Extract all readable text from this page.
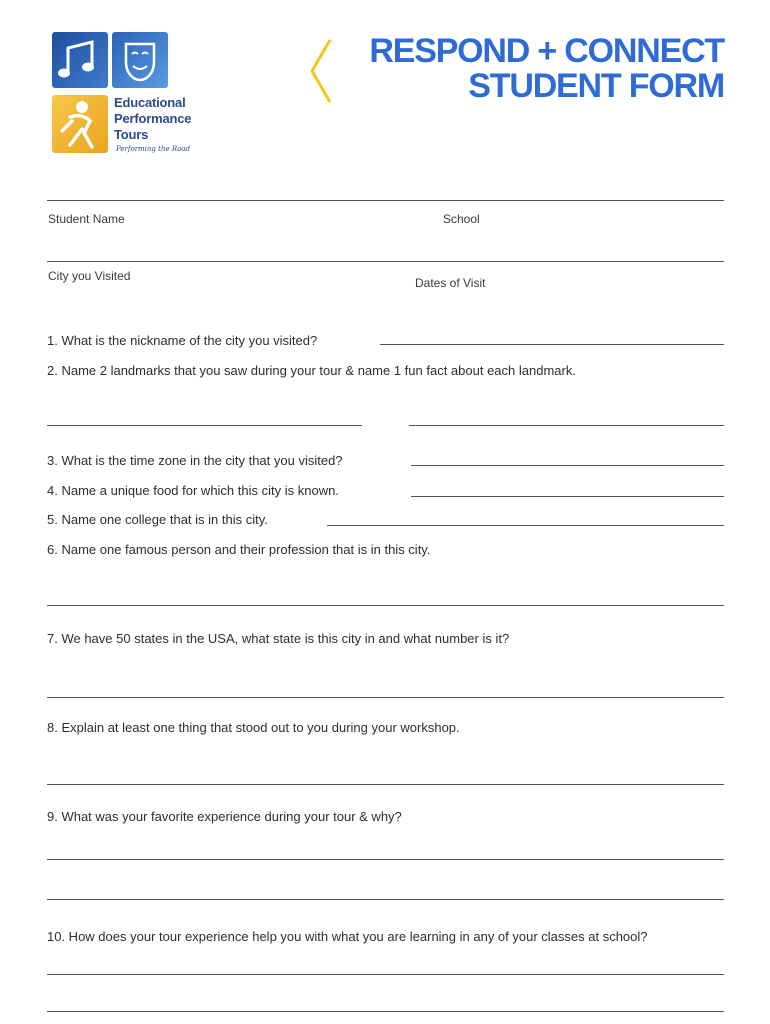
Educational
Performance
Tours
Performing the Road
RESPOND + CONNECT
STUDENT FORM
Student Name	School
City you Visited	Dates of Visit
1. What is the nickname of the city you visited?
2. Name 2 landmarks that you saw during your tour & name 1 fun fact about each landmark.
3. What is the time zone in the city that you visited?
4. Name a unique food for which this city is known.
5. Name one college that is in this city.
6. Name one famous person and their profession that is in this city.
7. We have 50 states in the USA, what state is this city in and what number is it?
8. Explain at least one thing that stood out to you during your workshop.
9. What was your favorite experience during your tour & why?
10. How does your tour experience help you with what you are learning in any of your classes at school?
